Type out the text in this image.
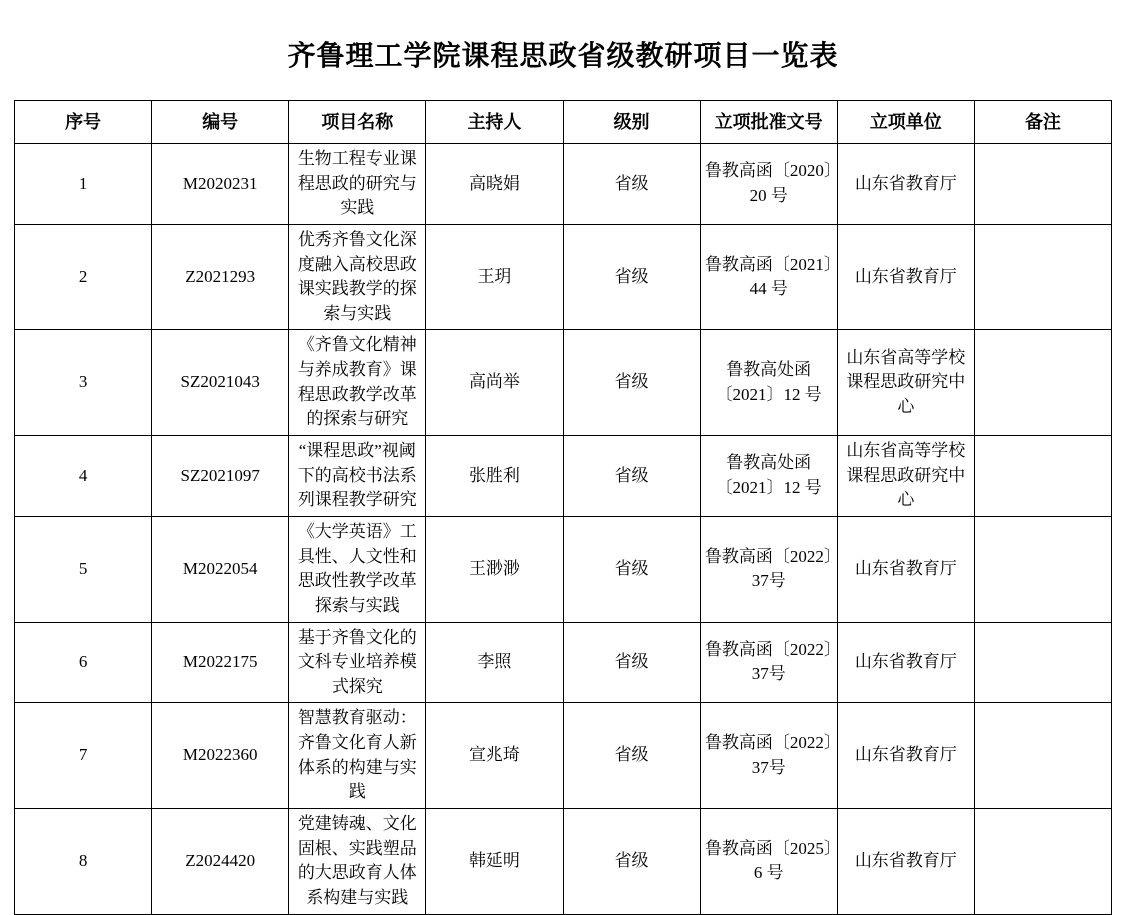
齐鲁理工学院课程思政省级教研项目一览表
序号	编号	项目名称	主持人	级别	立项批准文号	立项单位	备注
1	M2020231	生物工程专业课程思政的研究与实践	高晓娟	省级	鲁教高函〔2020〕20 号	山东省教育厅	
2	Z2021293	优秀齐鲁文化深度融入高校思政课实践教学的探索与实践	王玥	省级	鲁教高函〔2021〕44 号	山东省教育厅	
3	SZ2021043	《齐鲁文化精神与养成教育》课程思政教学改革的探索与研究	高尚举	省级	鲁教高处函〔2021〕12 号	山东省高等学校课程思政研究中心	
4	SZ2021097	“课程思政”视阈下的高校书法系列课程教学研究	张胜利	省级	鲁教高处函〔2021〕12 号	山东省高等学校课程思政研究中心	
5	M2022054	《大学英语》工具性、人文性和思政性教学改革探索与实践	王渺渺	省级	鲁教高函〔2022〕37号	山东省教育厅	
6	M2022175	基于齐鲁文化的文科专业培养模式探究	李照	省级	鲁教高函〔2022〕37号	山东省教育厅	
7	M2022360	智慧教育驱动：齐鲁文化育人新体系的构建与实践	宣兆琦	省级	鲁教高函〔2022〕37号	山东省教育厅	
8	Z2024420	党建铸魂、文化固根、实践塑品的大思政育人体系构建与实践	韩延明	省级	鲁教高函〔2025〕6 号	山东省教育厅	
